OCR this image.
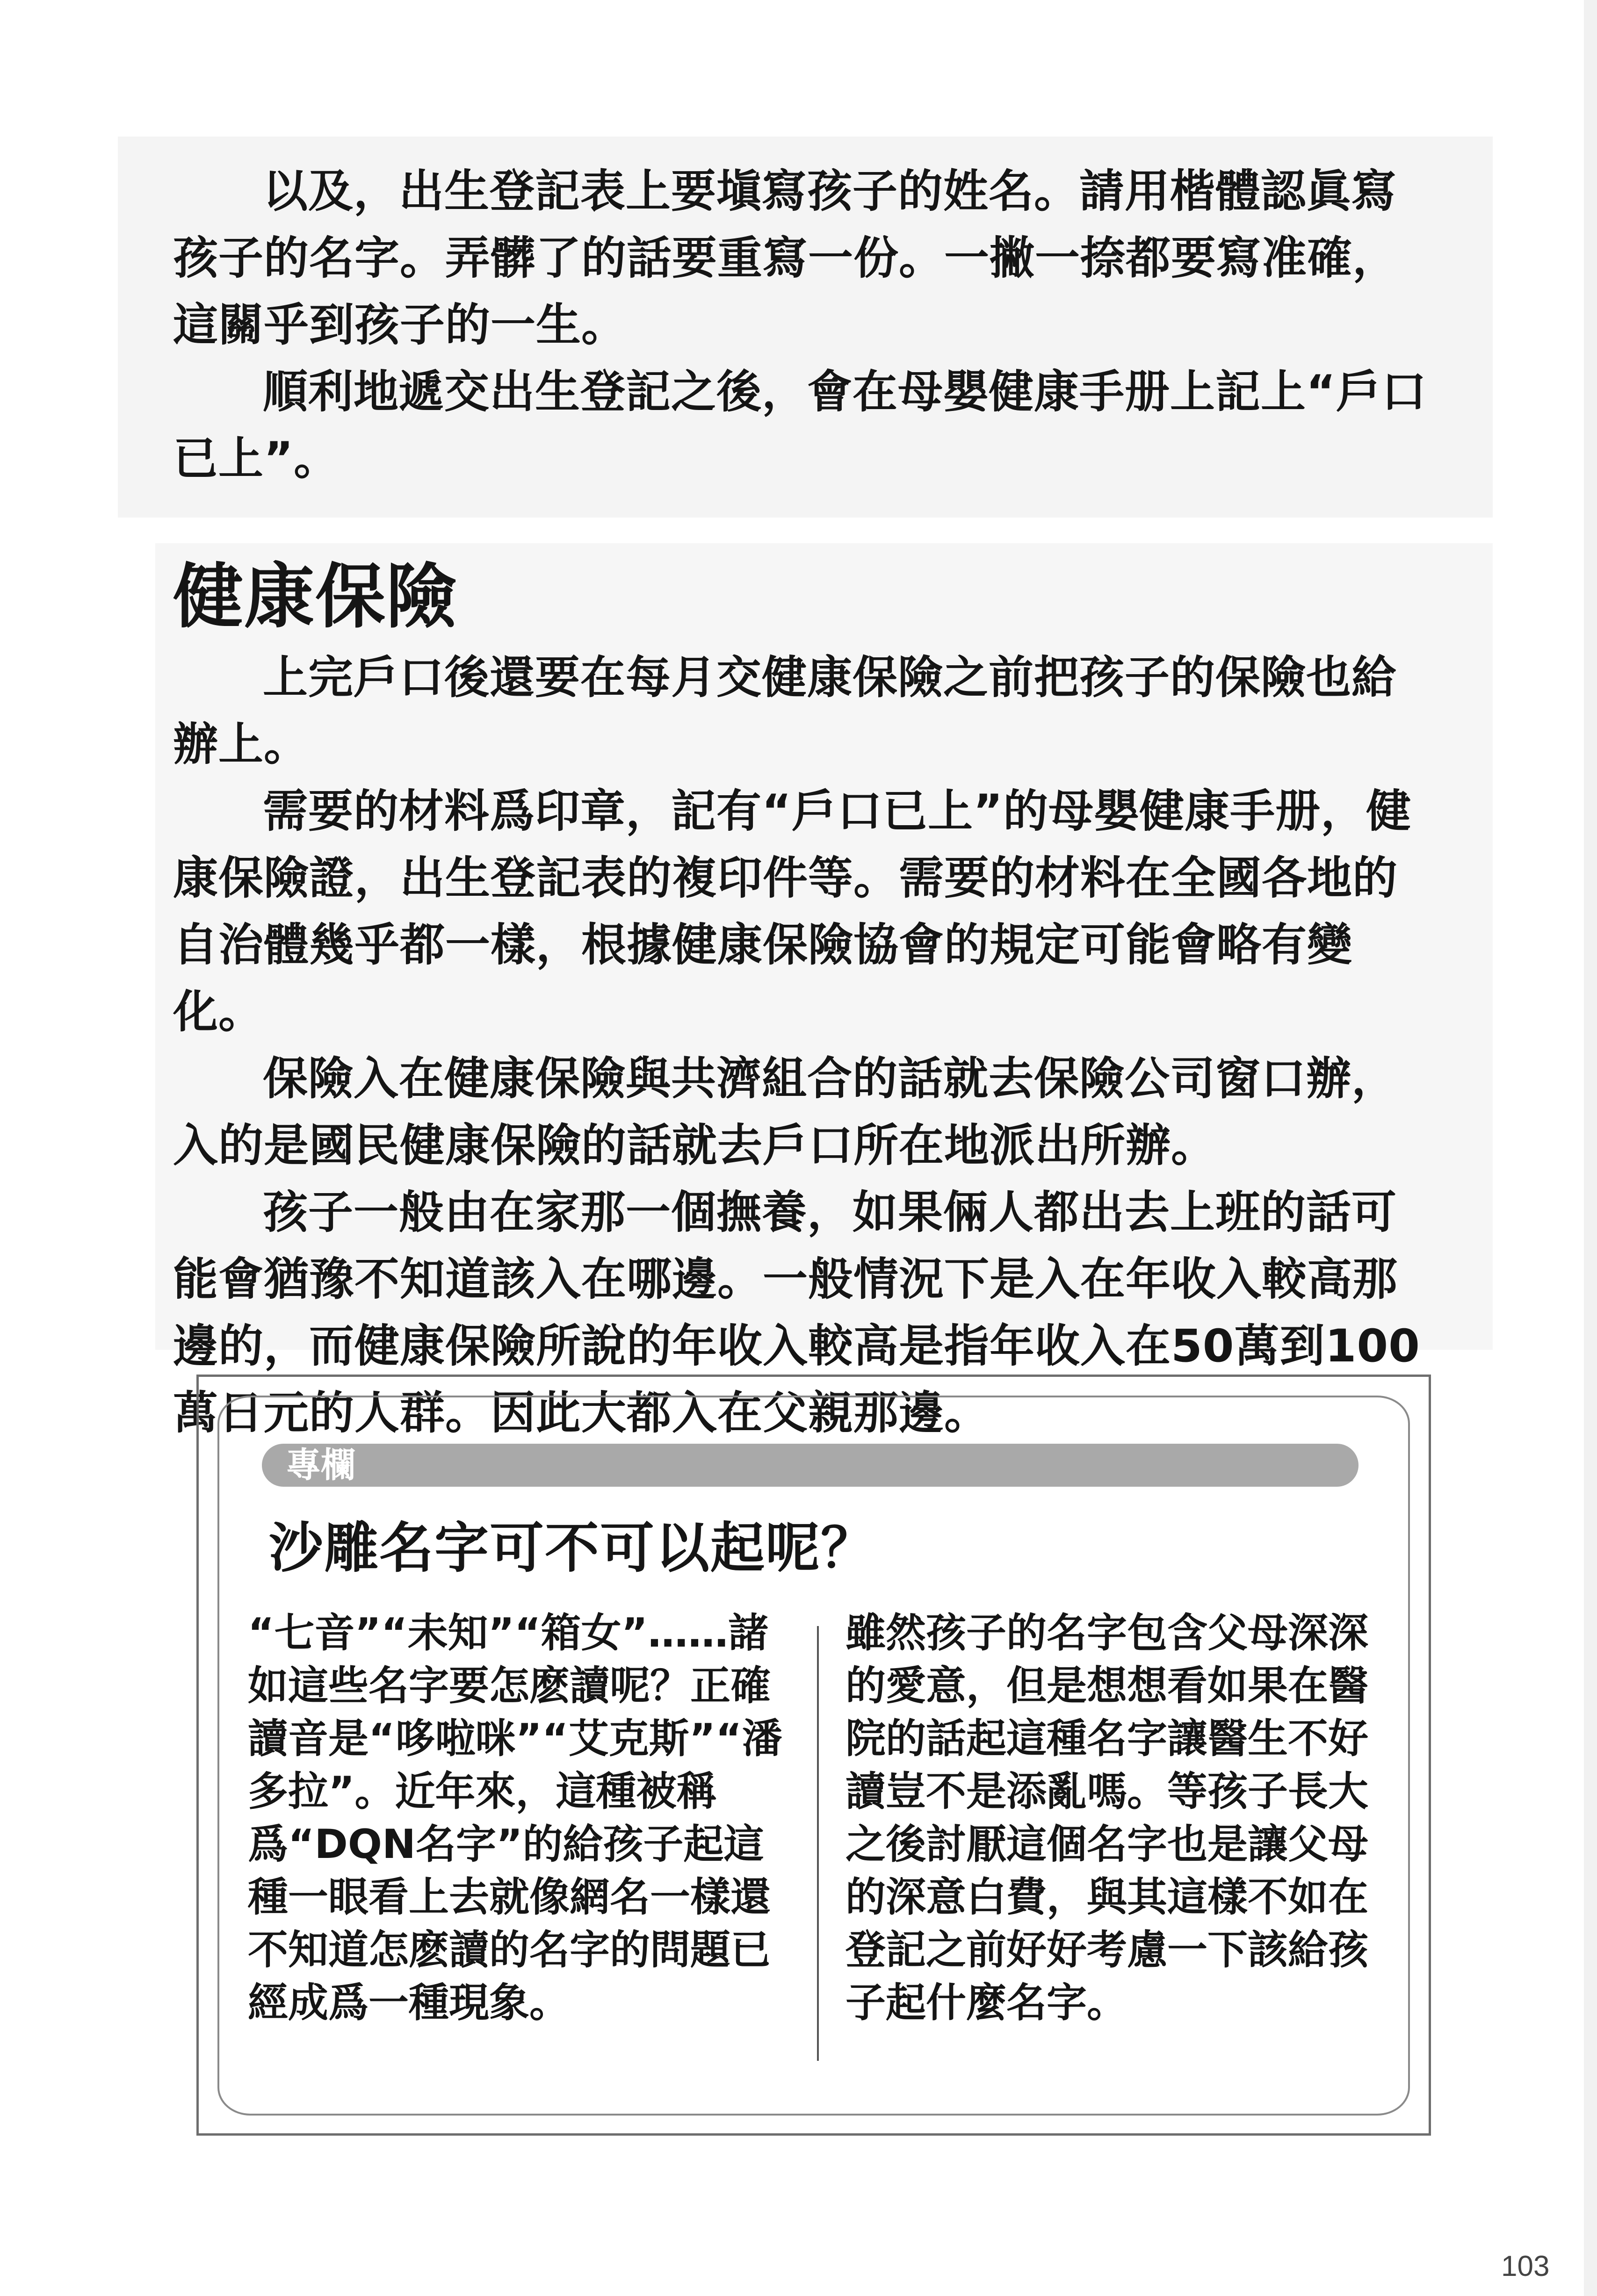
以及，出生登記表上要塡寫孩子的姓名。請用楷體認眞寫孩子的名字。弄髒了的話要重寫一份。一撇一捺都要寫准確，這關乎到孩子的一生。

順利地遞交出生登記之後，會在母嬰健康手册上記上“戶口已上”。

健康保險

上完戶口後還要在每月交健康保險之前把孩子的保險也給辦上。

需要的材料爲印章，記有“戶口已上”的母嬰健康手册，健康保險證，出生登記表的複印件等。需要的材料在全國各地的自治體幾乎都一樣，根據健康保險協會的規定可能會略有變化。

保險入在健康保險與共濟組合的話就去保險公司窗口辦，入的是國民健康保險的話就去戶口所在地派出所辦。

孩子一般由在家那一個撫養，如果倆人都出去上班的話可能會猶豫不知道該入在哪邊。一般情況下是入在年收入較高那邊的，而健康保險所說的年收入較高是指年收入在50萬到100萬日元的人群。因此大都入在父親那邊。

專欄
沙雕名字可不可以起呢？

“七音”“未知”“箱女”……諸如這些名字要怎麽讀呢？正確讀音是“哆啦咪”“艾克斯”“潘多拉”。近年來，這種被稱爲“DQN名字”的給孩子起這種一眼看上去就像網名一樣還不知道怎麽讀的名字的問題已經成爲一種現象。

雖然孩子的名字包含父母深深的愛意，但是想想看如果在醫院的話起這種名字讓醫生不好讀豈不是添亂嗎。等孩子長大之後討厭這個名字也是讓父母的深意白費，與其這樣不如在登記之前好好考慮一下該給孩子起什麼名字。

103
